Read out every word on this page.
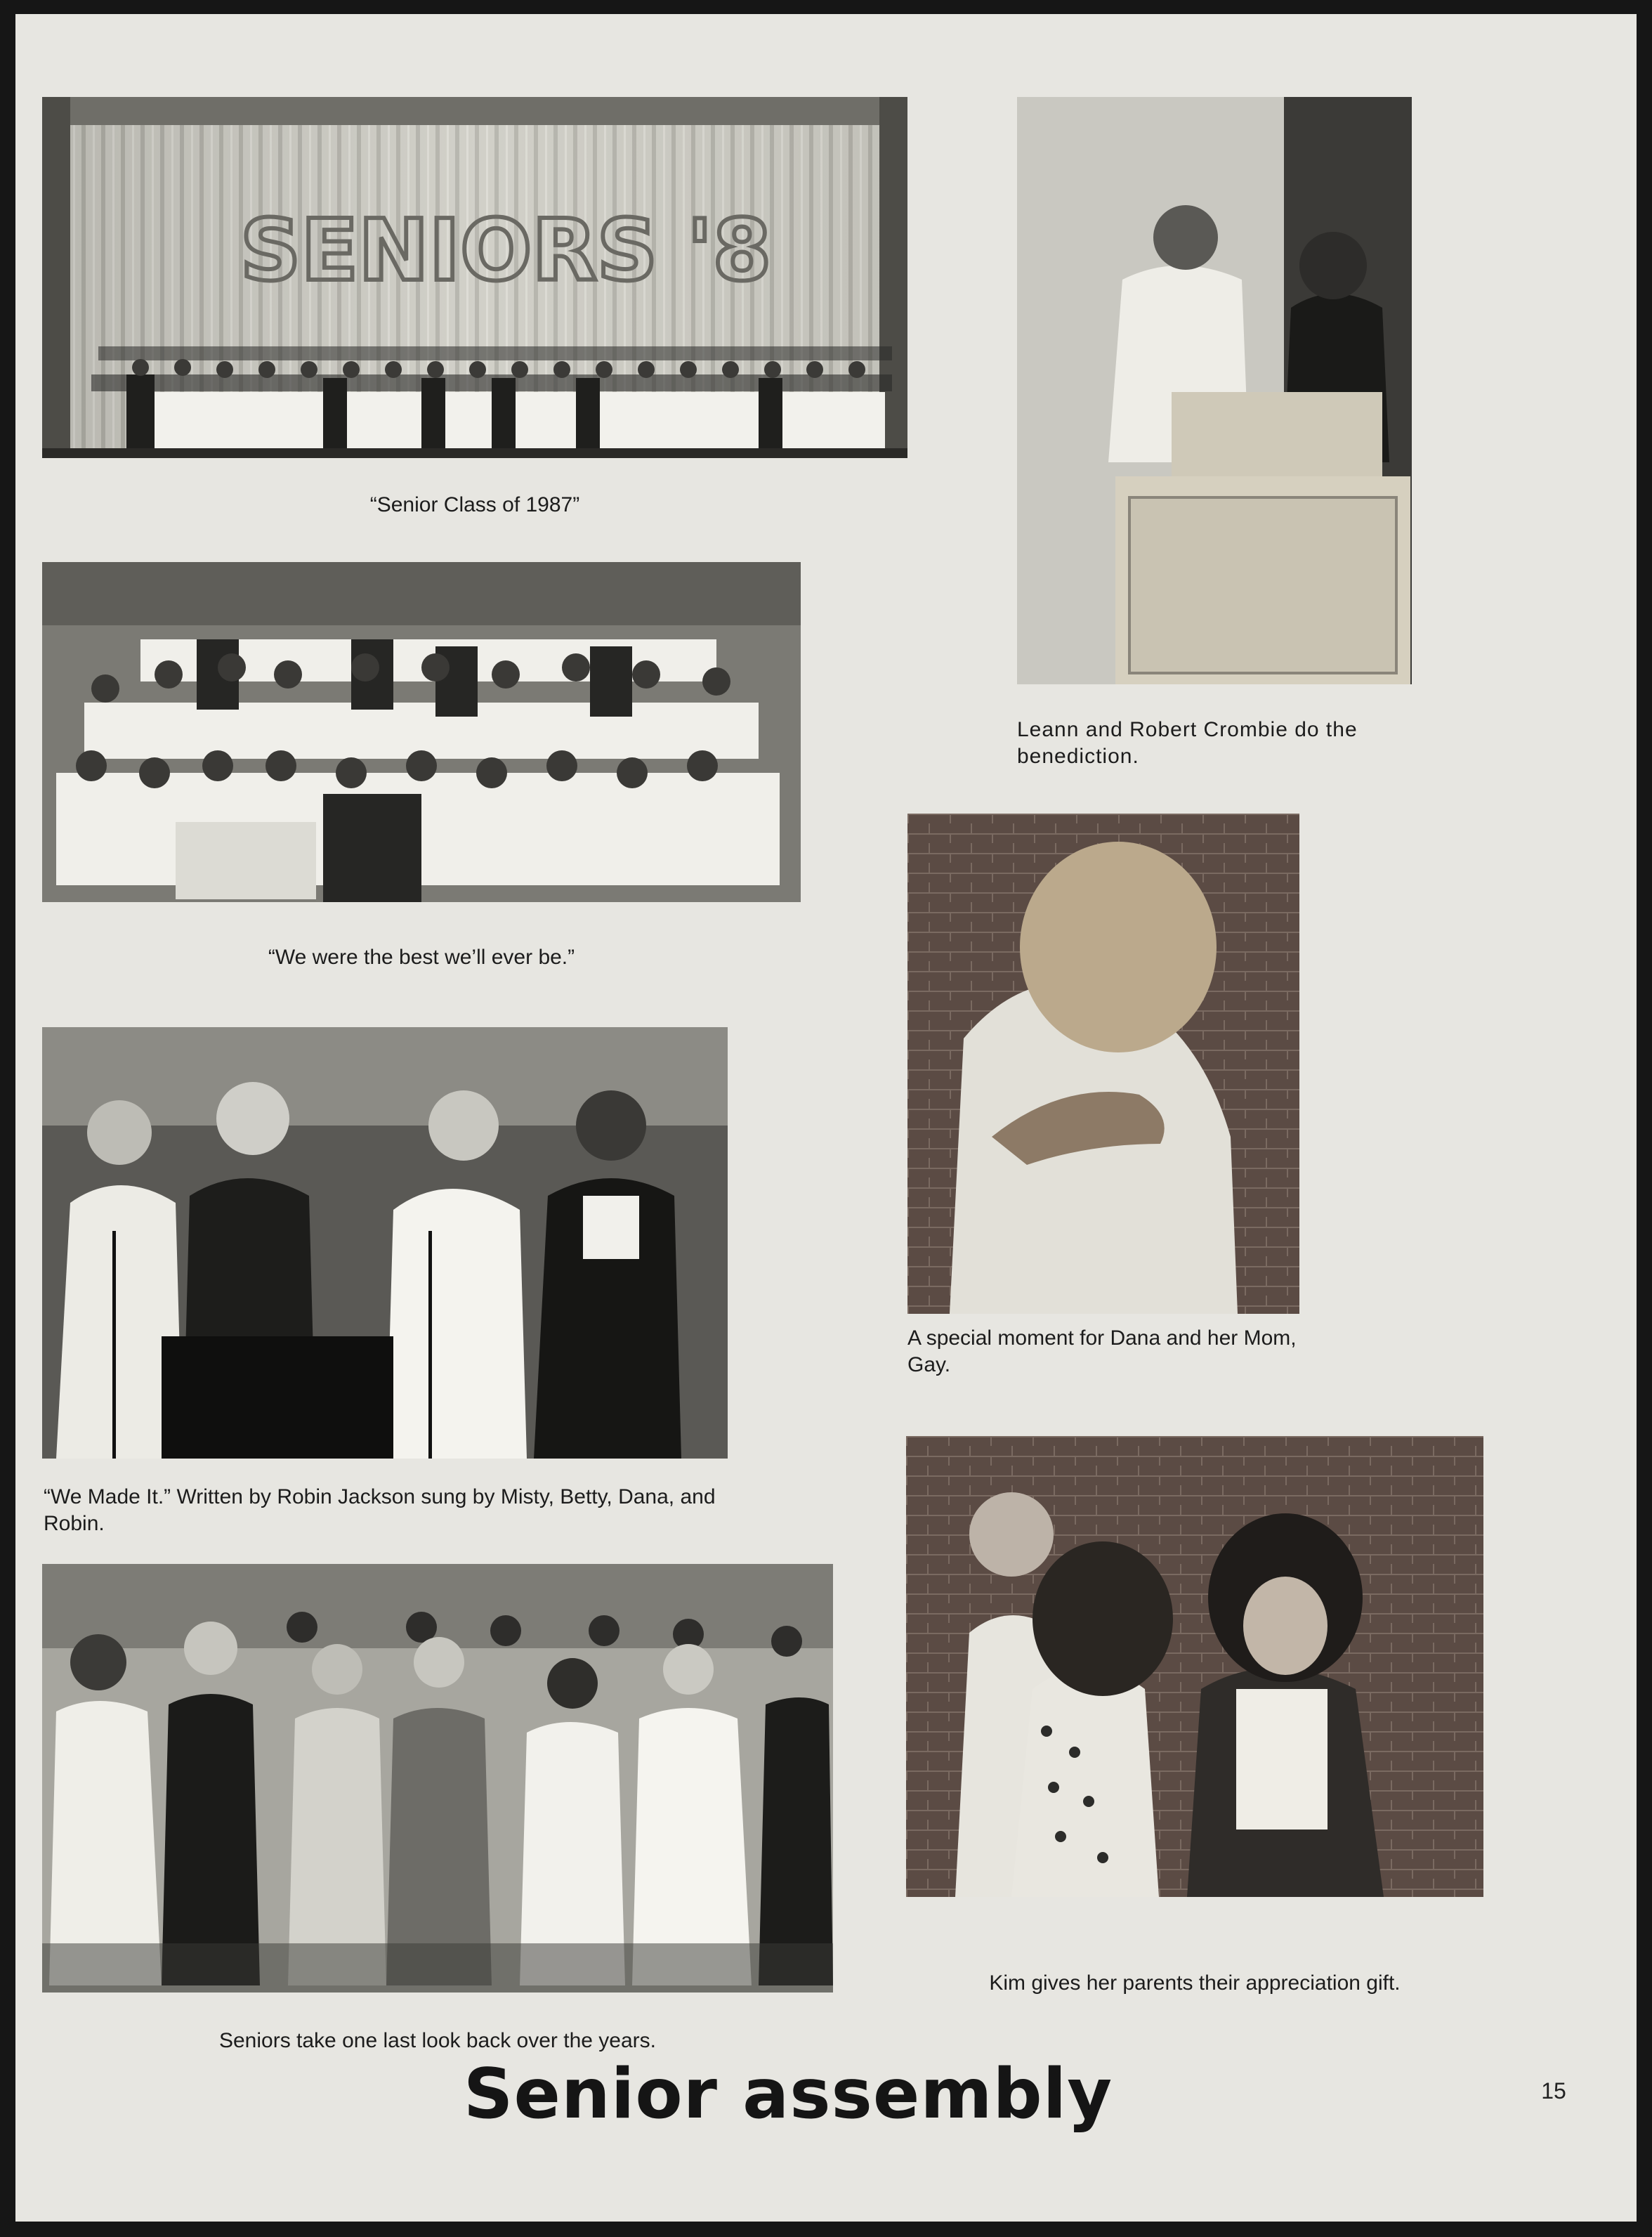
SENIORS '8
“Senior Class of 1987”
“We were the best we’ll ever be.”
“We Made It.” Written by Robin Jackson sung by Misty, Betty, Dana, and Robin.
Seniors take one last look back over the years.
Leann and Robert Crombie do the benediction.
A special moment for Dana and her Mom, Gay.
Kim gives her parents their appreciation gift.
Senior assembly	15
